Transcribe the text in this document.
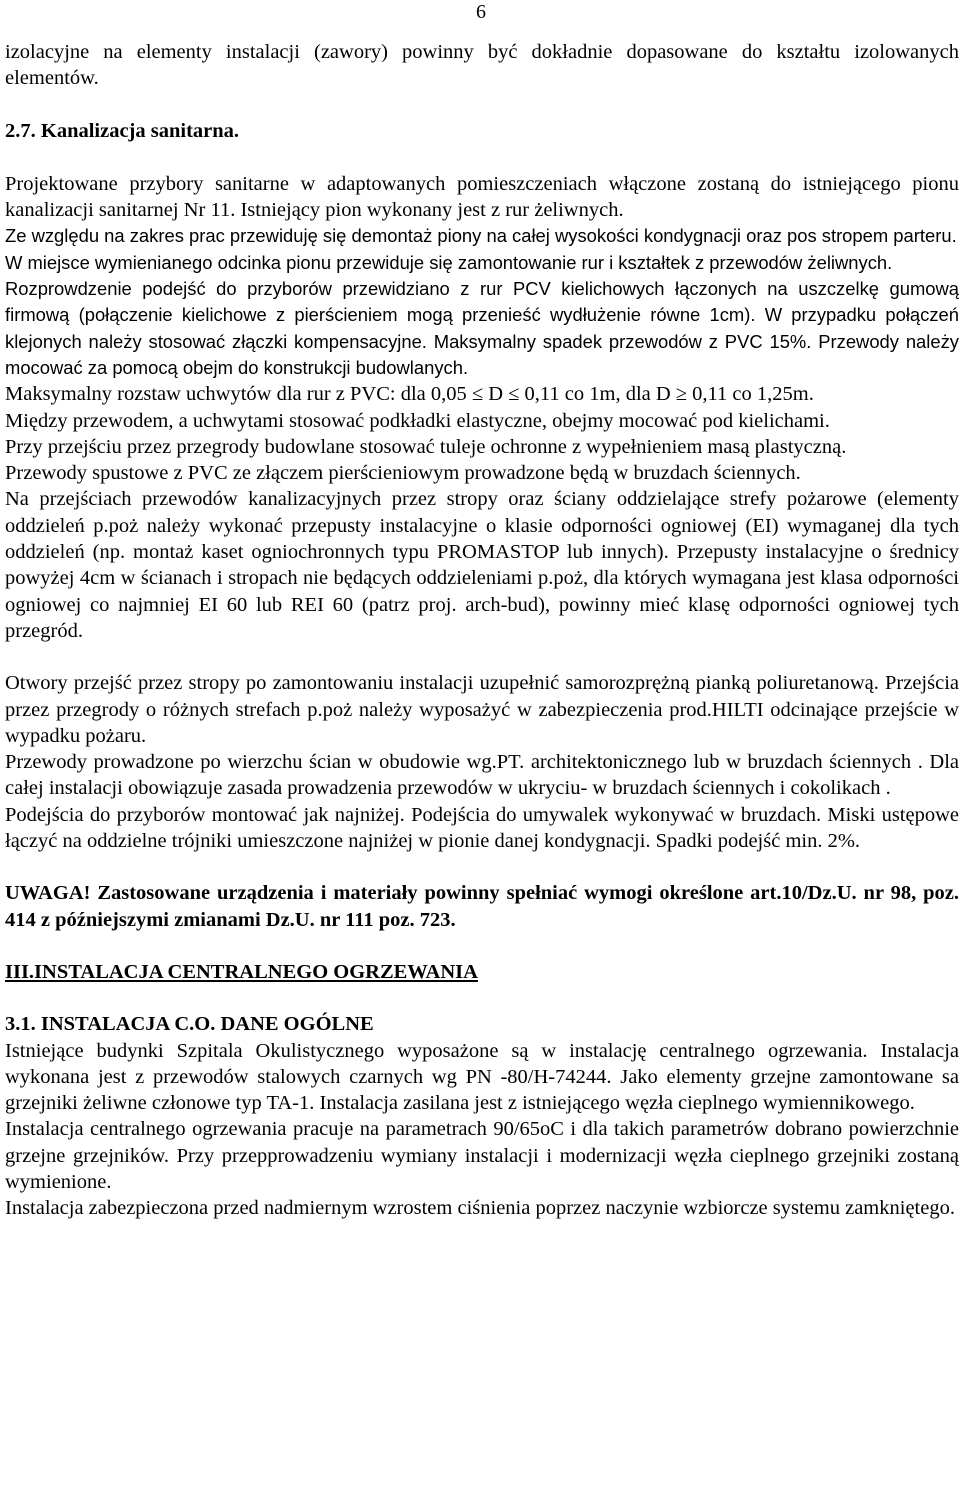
6

izolacyjne na elementy instalacji (zawory) powinny być dokładnie dopasowane do kształtu izolowanych elementów.

2.7. Kanalizacja sanitarna.

Projektowane przybory sanitarne w adaptowanych pomieszczeniach włączone zostaną do istniejącego pionu kanalizacji sanitarnej Nr 11. Istniejący pion wykonany jest z rur żeliwnych.

Ze względu na zakres prac przewiduję się demontaż piony na całej wysokości kondygnacji oraz pos stropem parteru.

W miejsce wymienianego odcinka pionu przewiduje się zamontowanie rur i kształtek z przewodów żeliwnych.

Rozprowdzenie podejść do przyborów przewidziano z rur PCV kielichowych łączonych na uszczelkę gumową firmową (połączenie kielichowe z pierścieniem mogą przenieść wydłużenie równe 1cm). W przypadku połączeń klejonych należy stosować złączki kompensacyjne. Maksymalny spadek przewodów z PVC 15%. Przewody należy mocować za pomocą obejm do konstrukcji budowlanych.

Maksymalny rozstaw uchwytów dla rur z PVC: dla 0,05 ≤ D ≤ 0,11 co 1m, dla D ≥ 0,11 co 1,25m.

Między przewodem, a uchwytami stosować podkładki elastyczne, obejmy mocować pod kielichami.

Przy przejściu przez przegrody budowlane stosować tuleje ochronne z wypełnieniem masą plastyczną.

Przewody spustowe z PVC ze złączem pierścieniowym prowadzone będą w bruzdach ściennych.

Na przejściach przewodów kanalizacyjnych przez stropy oraz ściany oddzielające strefy pożarowe (elementy oddzieleń p.poż należy wykonać przepusty instalacyjne o klasie odporności ogniowej (EI) wymaganej dla tych oddzieleń (np. montaż kaset ogniochronnych typu PROMASTOP lub innych). Przepusty instalacyjne o średnicy powyżej 4cm w ścianach i stropach nie będących oddzieleniami p.poż, dla których wymagana jest klasa odporności ogniowej co najmniej EI 60 lub REI 60 (patrz proj. arch-bud), powinny mieć klasę odporności ogniowej tych przegród.

Otwory przejść przez stropy po zamontowaniu instalacji uzupełnić samorozprężną pianką poliuretanową. Przejścia przez przegrody o różnych strefach p.poż należy wyposażyć w zabezpieczenia prod.HILTI odcinające przejście w wypadku pożaru.

Przewody prowadzone po wierzchu ścian w obudowie wg.PT. architektonicznego lub w bruzdach ściennych . Dla całej instalacji obowiązuje zasada prowadzenia przewodów w ukryciu- w bruzdach ściennych i cokolikach .

Podejścia do przyborów montować jak najniżej. Podejścia do umywalek wykonywać w bruzdach. Miski ustępowe łączyć na oddzielne trójniki umieszczone najniżej w pionie danej kondygnacji. Spadki podejść min. 2%.

UWAGA! Zastosowane urządzenia i materiały powinny spełniać wymogi określone art.10/Dz.U. nr 98, poz. 414 z późniejszymi zmianami Dz.U. nr 111 poz. 723.

III.INSTALACJA CENTRALNEGO OGRZEWANIA

3.1. INSTALACJA C.O. DANE OGÓLNE

Istniejące budynki Szpitala Okulistycznego wyposażone są w instalację centralnego ogrzewania. Instalacja wykonana jest z przewodów stalowych czarnych wg PN -80/H-74244. Jako elementy grzejne zamontowane sa grzejniki żeliwne członowe typ TA-1. Instalacja zasilana jest z istniejącego węzła cieplnego wymiennikowego.

Instalacja centralnego ogrzewania pracuje na parametrach 90/65oC i dla takich parametrów dobrano powierzchnie grzejne grzejników. Przy przepprowadzeniu wymiany instalacji i modernizacji węzła cieplnego grzejniki zostaną wymienione.

Instalacja zabezpieczona przed nadmiernym wzrostem ciśnienia poprzez naczynie wzbiorcze systemu zamkniętego.
